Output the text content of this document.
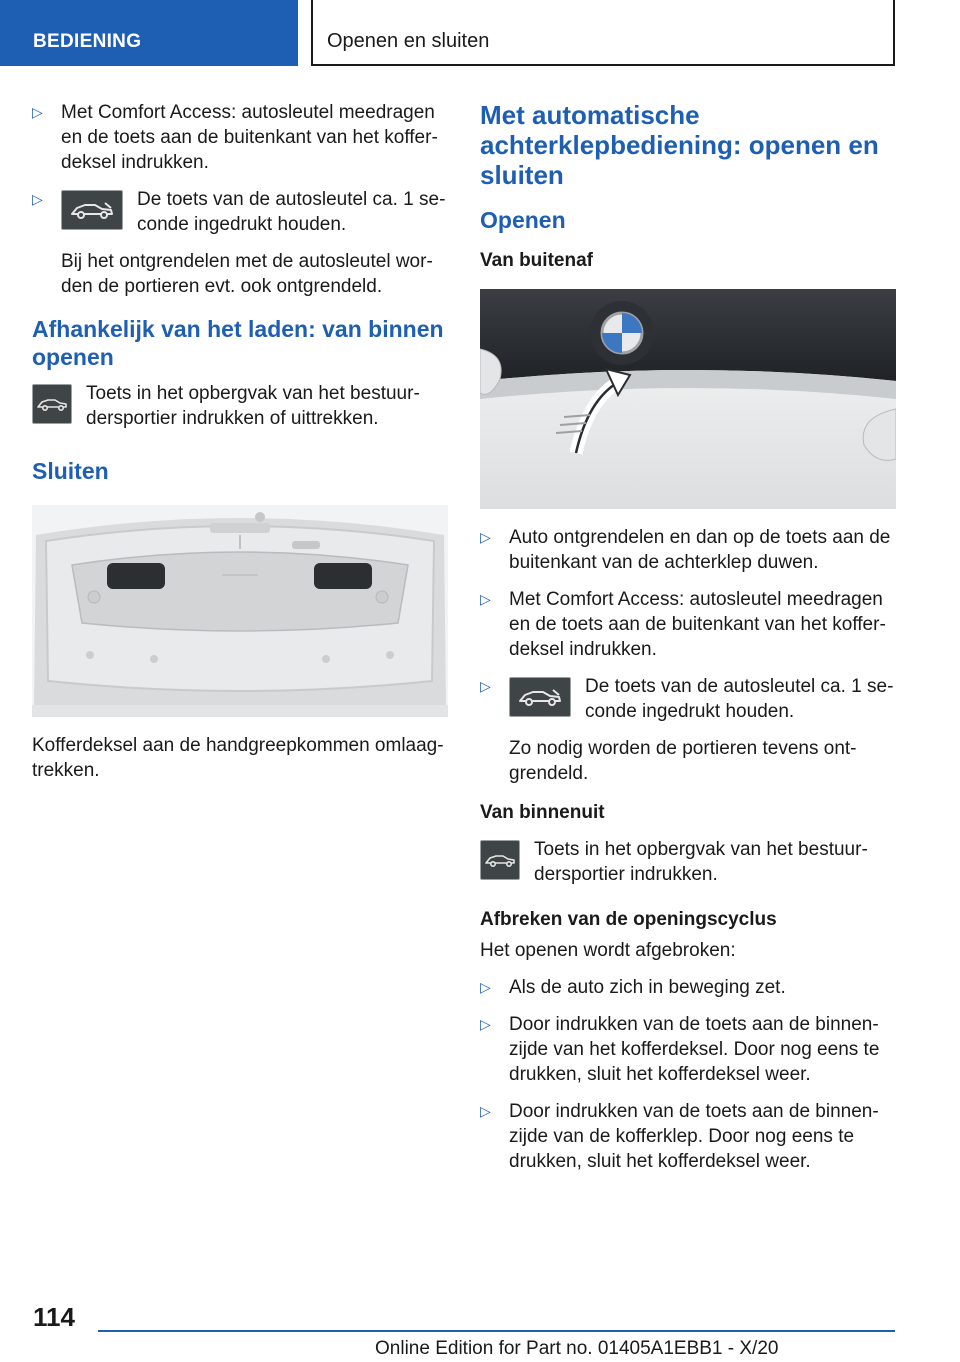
BEDIENING	Openen en sluiten
▷ Met Comfort Access: autosleutel meedragen en de toets aan de buitenkant van het kofferdeksel indrukken.
▷	De toets van de autosleutel ca. 1 seconde ingedrukt houden.

Bij het ontgrendelen met de autosleutel worden de portieren evt. ook ontgrendeld.

Afhankelijk van het laden: van binnen openen
Toets in het opbergvak van het bestuurdersportier indrukken of uittrekken.
Sluiten

Kofferdeksel aan de handgreepkommen omlaagtrekken.

Met automatische achterklepbediening: openen en sluiten
Openen
Van buitenaf
▷ Auto ontgrendelen en dan op de toets aan de buitenkant van de achterklep duwen.
▷ Met Comfort Access: autosleutel meedragen en de toets aan de buitenkant van het kofferdeksel indrukken.
▷	De toets van de autosleutel ca. 1 seconde ingedrukt houden.

Zo nodig worden de portieren tevens ontgrendeld.

Van binnenuit
Toets in het opbergvak van het bestuurdersportier indrukken.
Afbreken van de openingscyclus

Het openen wordt afgebroken:

▷ Als de auto zich in beweging zet.
▷ Door indrukken van de toets aan de binnenzijde van het kofferdeksel. Door nog eens te drukken, sluit het kofferdeksel weer.
▷ Door indrukken van de toets aan de binnenzijde van de kofferklep. Door nog eens te drukken, sluit het kofferdeksel weer.
114
Online Edition for Part no. 01405A1EBB1 - X/20
